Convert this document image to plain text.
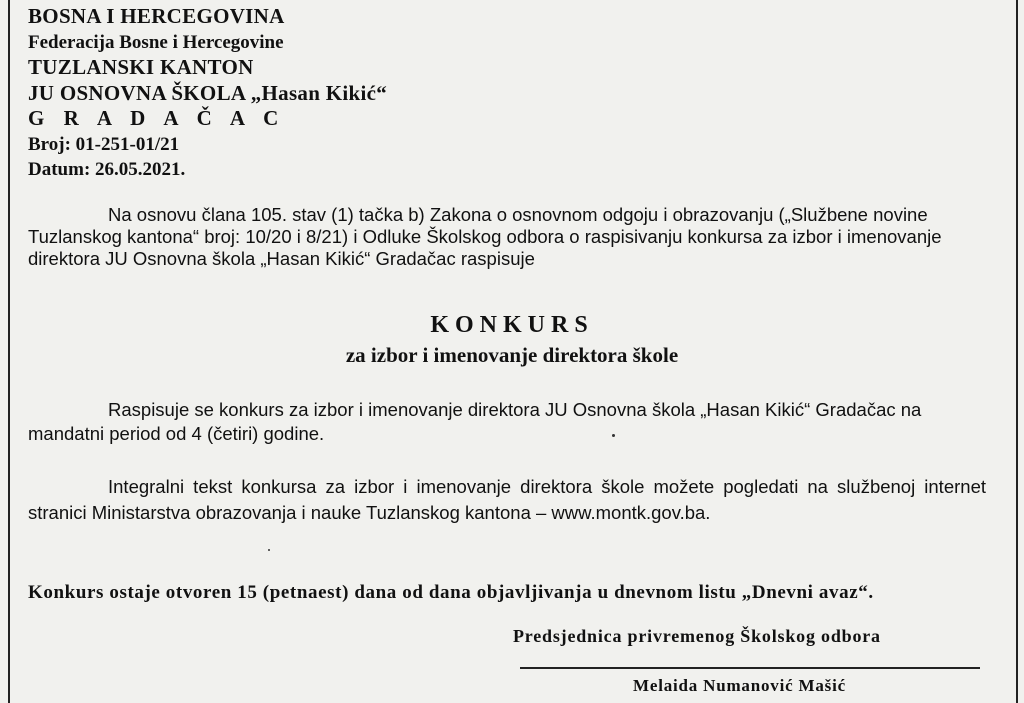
BOSNA I HERCEGOVINA
Federacija Bosne i Hercegovine
TUZLANSKI KANTON
JU OSNOVNA ŠKOLA „Hasan Kikić“
G R A D A Č A C
Broj: 01-251-01/21
Datum: 26.05.2021.

Na osnovu člana 105. stav (1) tačka b) Zakona o osnovnom odgoju i obrazovanju („Službene novine Tuzlanskog kantona“ broj: 10/20 i 8/21) i Odluke Školskog odbora o raspisivanju konkursa za izbor i imenovanje direktora JU Osnovna škola „Hasan Kikić“ Gradačac raspisuje

KONKURS
za izbor i imenovanje direktora škole

Raspisuje se konkurs za izbor i imenovanje direktora JU Osnovna škola „Hasan Kikić“ Gradačac na mandatni period od 4 (četiri) godine.

Integralni tekst konkursa za izbor i imenovanje direktora škole možete pogledati na službenoj internet stranici Ministarstva obrazovanja i nauke Tuzlanskog kantona – www.montk.gov.ba.

Konkurs ostaje otvoren 15 (petnaest) dana od dana objavljivanja u dnevnom listu „Dnevni avaz“.
Predsjednica privremenog Školskog odbora
Melaida Numanović Mašić
